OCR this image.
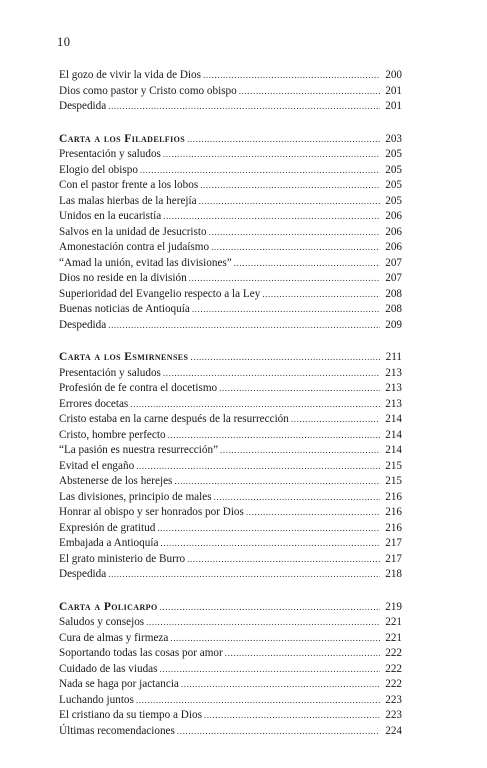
10
El gozo de vivir la vida de Dios .....	200
Dios como pastor y Cristo como obispo .....	201
Despedida .....	201
Carta a los Filadelfios .....	203
Presentación y saludos .....	205
Elogio del obispo .....	205
Con el pastor frente a los lobos .....	205
Las malas hierbas de la herejía .....	205
Unidos en la eucaristía .....	206
Salvos en la unidad de Jesucristo .....	206
Amonestación contra el judaísmo .....	206
“Amad la unión, evitad las divisiones” .....	207
Dios no reside en la división .....	207
Superioridad del Evangelio respecto a la Ley .....	208
Buenas noticias de Antioquía .....	208
Despedida .....	209
Carta a los Esmirnenses .....	211
Presentación y saludos .....	213
Profesión de fe contra el docetismo .....	213
Errores docetas .....	213
Cristo estaba en la carne después de la resurrección .....	214
Cristo, hombre perfecto .....	214
“La pasión es nuestra resurrección” .....	214
Evitad el engaño .....	215
Abstenerse de los herejes .....	215
Las divisiones, principio de males .....	216
Honrar al obispo y ser honrados por Dios .....	216
Expresión de gratitud .....	216
Embajada a Antioquía .....	217
El grato ministerio de Burro .....	217
Despedida .....	218
Carta a Policarpo .....	219
Saludos y consejos .....	221
Cura de almas y firmeza .....	221
Soportando todas las cosas por amor .....	222
Cuidado de las viudas .....	222
Nada se haga por jactancia .....	222
Luchando juntos .....	223
El cristiano da su tiempo a Dios .....	223
Últimas recomendaciones .....	224
